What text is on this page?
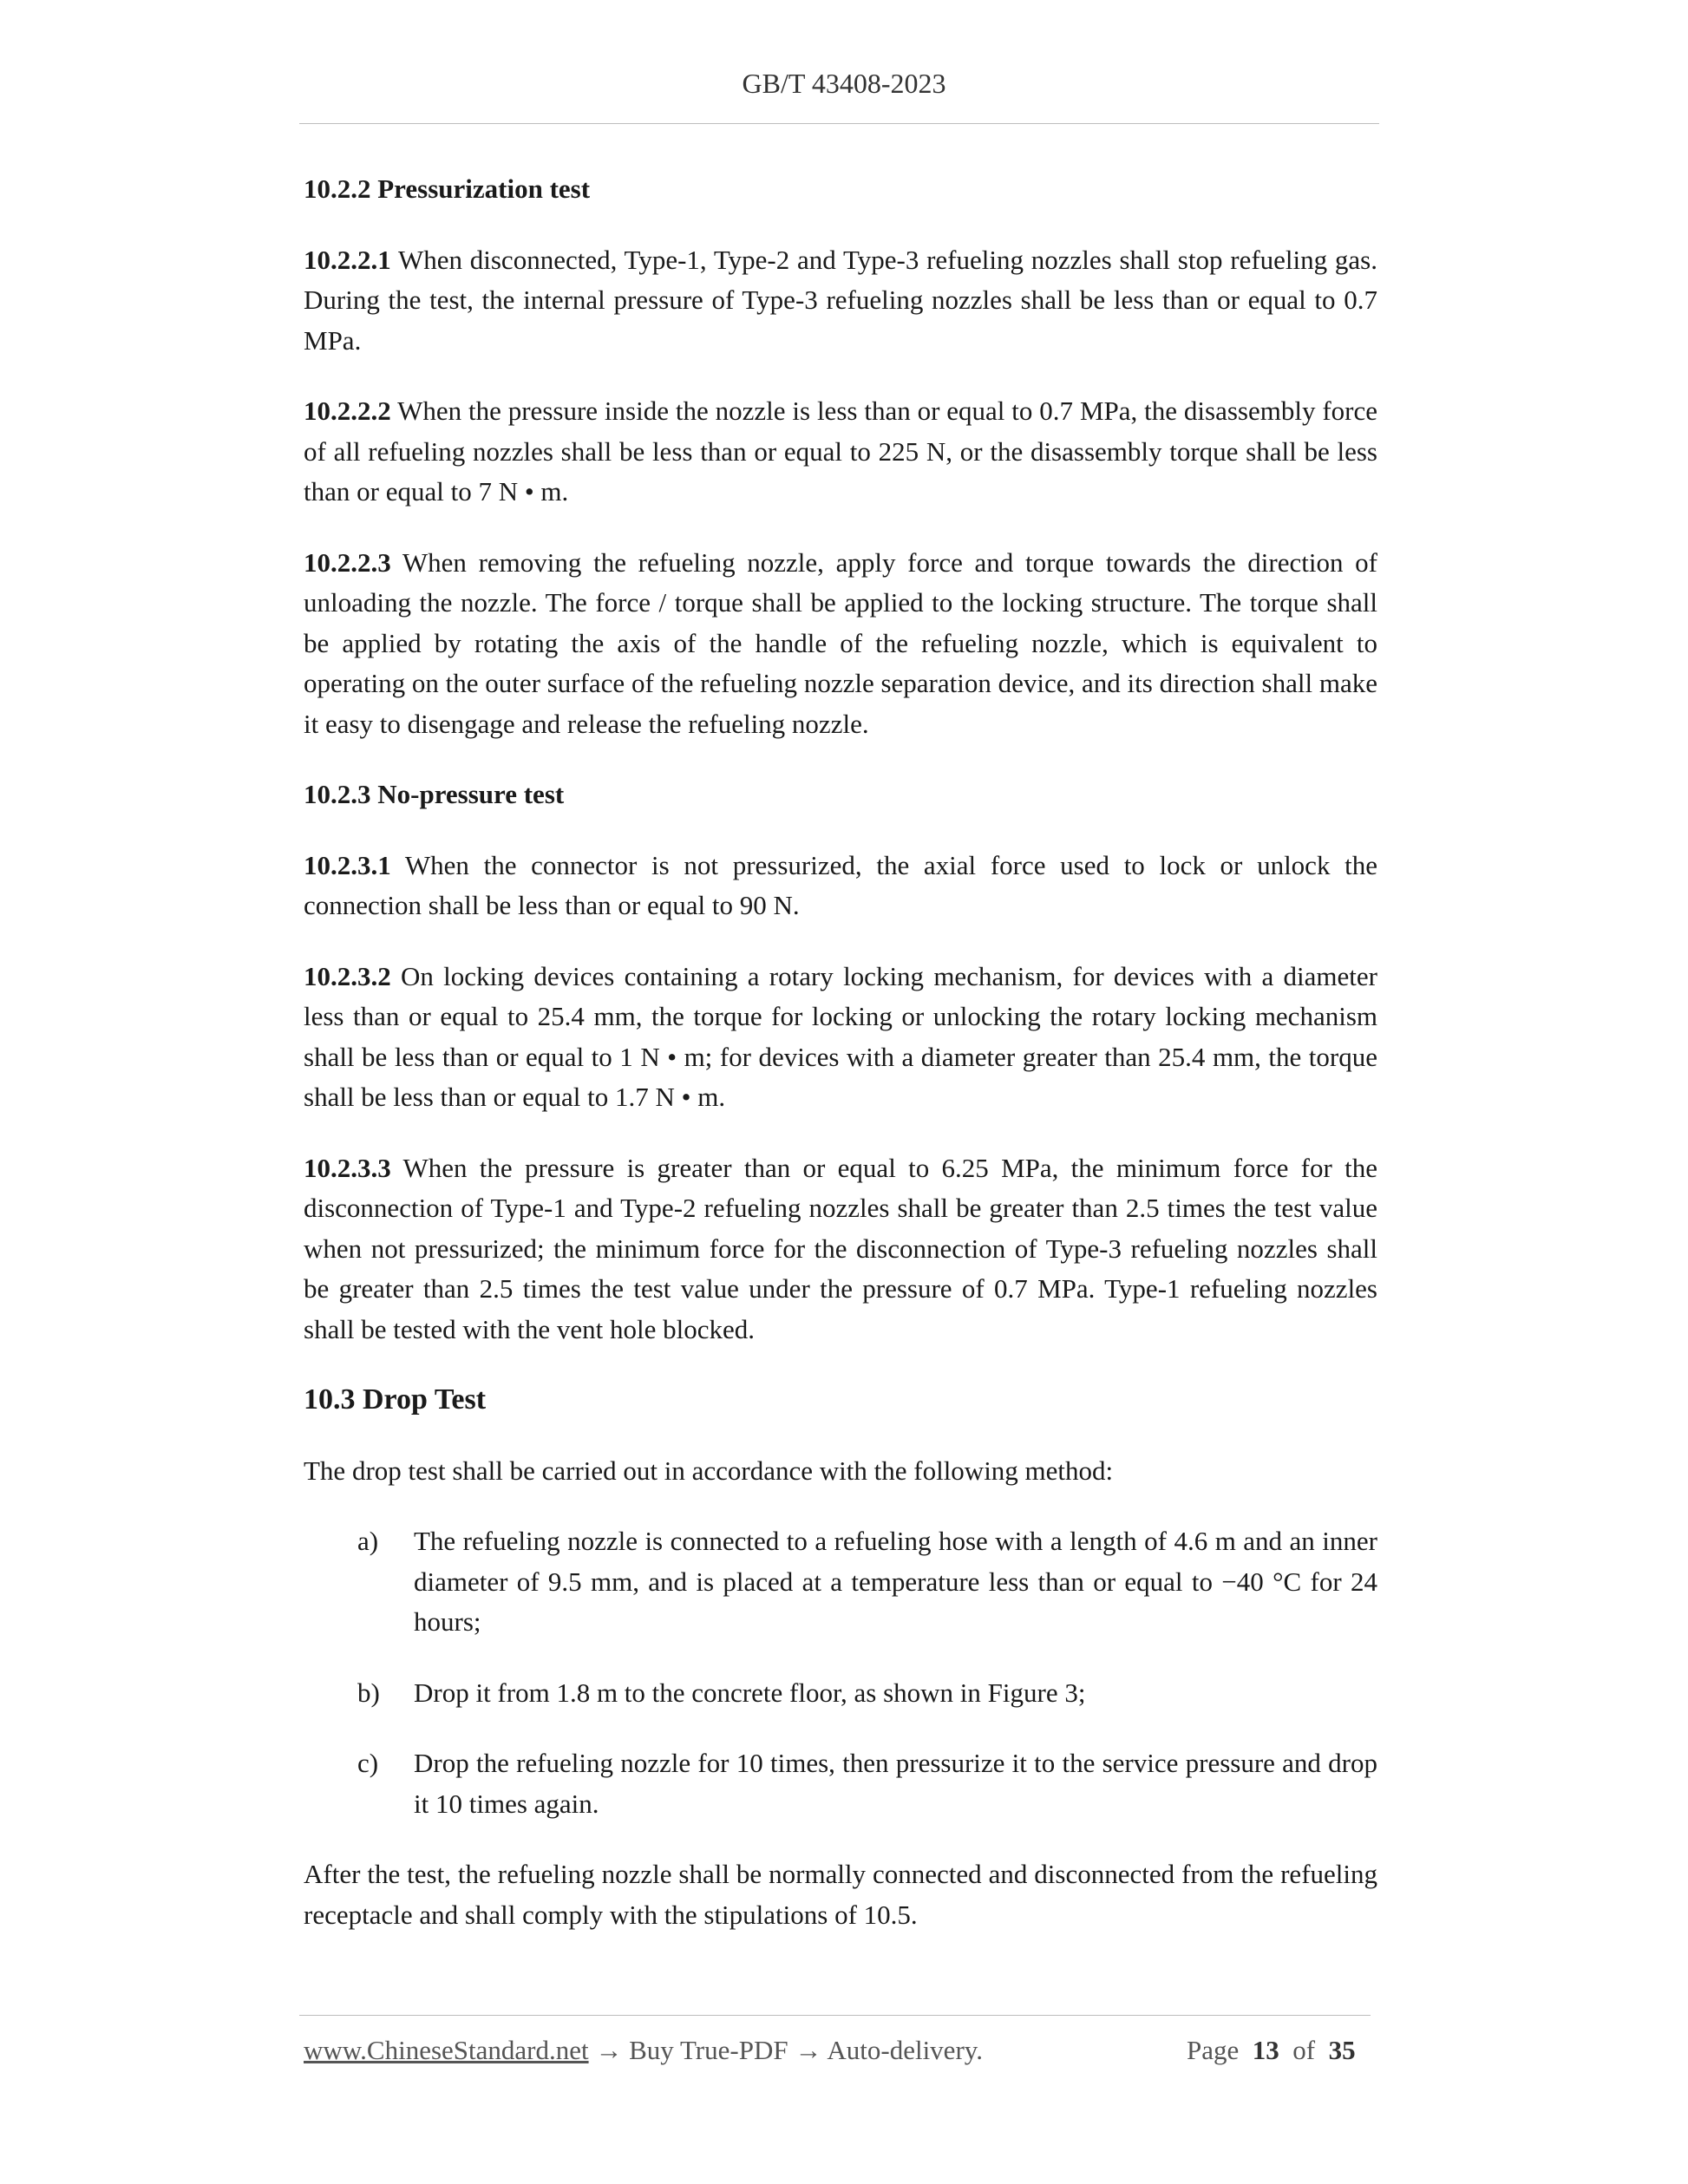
GB/T 43408-2023
10.2.2 Pressurization test

10.2.2.1 When disconnected, Type-1, Type-2 and Type-3 refueling nozzles shall stop refueling gas. During the test, the internal pressure of Type-3 refueling nozzles shall be less than or equal to 0.7 MPa.

10.2.2.2 When the pressure inside the nozzle is less than or equal to 0.7 MPa, the disassembly force of all refueling nozzles shall be less than or equal to 225 N, or the disassembly torque shall be less than or equal to 7 N • m.

10.2.2.3 When removing the refueling nozzle, apply force and torque towards the direction of unloading the nozzle. The force / torque shall be applied to the locking structure. The torque shall be applied by rotating the axis of the handle of the refueling nozzle, which is equivalent to operating on the outer surface of the refueling nozzle separation device, and its direction shall make it easy to disengage and release the refueling nozzle.

10.2.3 No-pressure test

10.2.3.1 When the connector is not pressurized, the axial force used to lock or unlock the connection shall be less than or equal to 90 N.

10.2.3.2 On locking devices containing a rotary locking mechanism, for devices with a diameter less than or equal to 25.4 mm, the torque for locking or unlocking the rotary locking mechanism shall be less than or equal to 1 N • m; for devices with a diameter greater than 25.4 mm, the torque shall be less than or equal to 1.7 N • m.

10.2.3.3 When the pressure is greater than or equal to 6.25 MPa, the minimum force for the disconnection of Type-1 and Type-2 refueling nozzles shall be greater than 2.5 times the test value when not pressurized; the minimum force for the disconnection of Type-3 refueling nozzles shall be greater than 2.5 times the test value under the pressure of 0.7 MPa. Type-1 refueling nozzles shall be tested with the vent hole blocked.

10.3 Drop Test

The drop test shall be carried out in accordance with the following method:

a)	The refueling nozzle is connected to a refueling hose with a length of 4.6 m and an inner diameter of 9.5 mm, and is placed at a temperature less than or equal to −40 °C for 24 hours;
b)	Drop it from 1.8 m to the concrete floor, as shown in Figure 3;
c)	Drop the refueling nozzle for 10 times, then pressurize it to the service pressure and drop it 10 times again.

After the test, the refueling nozzle shall be normally connected and disconnected from the refueling receptacle and shall comply with the stipulations of 10.5.

www.ChineseStandard.net → Buy True-PDF → Auto-delivery.	Page 13 of 35
